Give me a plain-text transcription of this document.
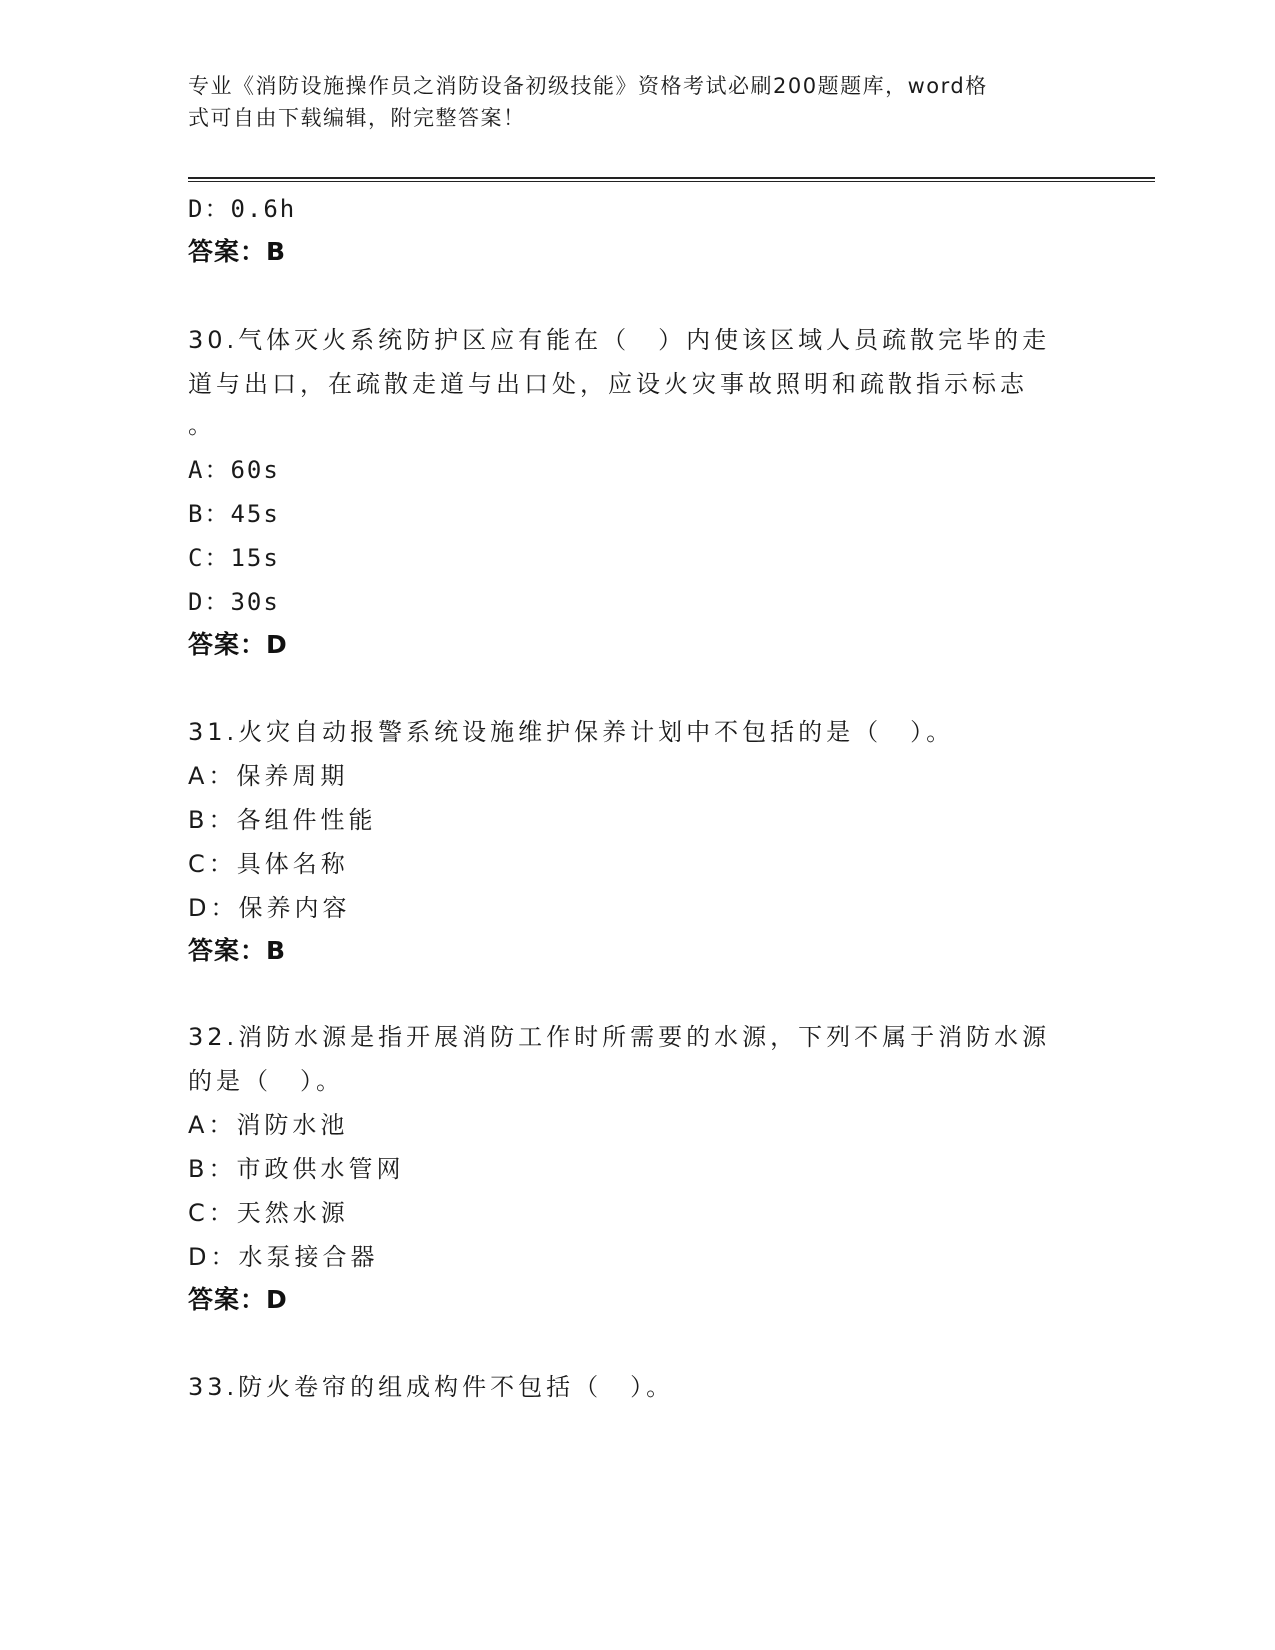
专业《消防设施操作员之消防设备初级技能》资格考试必刷200题题库，word格
式可自由下载编辑，附完整答案！
D：0.6h
答案：B
30.气体灭火系统防护区应有能在（　）内使该区域人员疏散完毕的走
道与出口，在疏散走道与出口处，应设火灾事故照明和疏散指示标志
。
A：60s
B：45s
C：15s
D：30s
答案：D
31.火灾自动报警系统设施维护保养计划中不包括的是（　）。
A：保养周期
B：各组件性能
C：具体名称
D：保养内容
答案：B
32.消防水源是指开展消防工作时所需要的水源，下列不属于消防水源
的是（　）。
A：消防水池
B：市政供水管网
C：天然水源
D：水泵接合器
答案：D
33.防火卷帘的组成构件不包括（　）。
